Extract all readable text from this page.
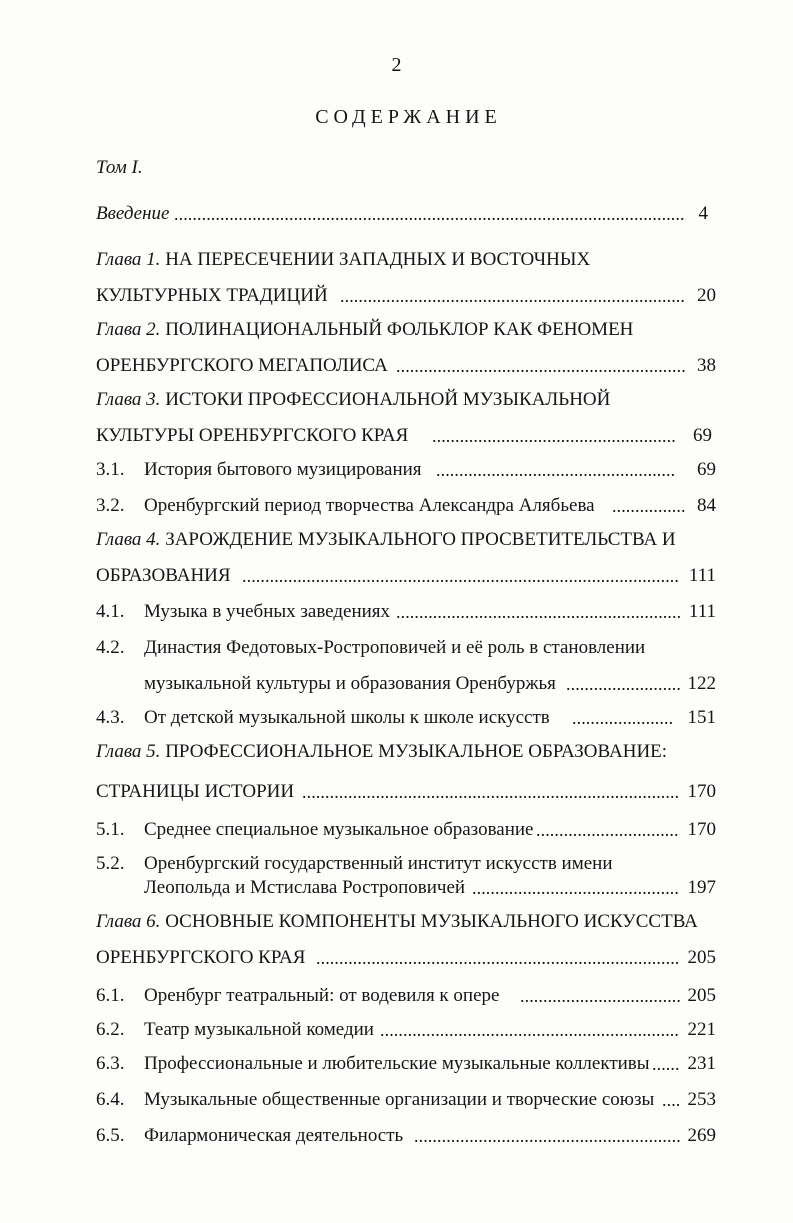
2
СОДЕРЖАНИЕ
Том I.
Введение . . .	4
Глава 1. НА ПЕРЕСЕЧЕНИИ ЗАПАДНЫХ И ВОСТОЧНЫХ
КУЛЬТУРНЫХ ТРАДИЦИЙ . . .	20
Глава 2. ПОЛИНАЦИОНАЛЬНЫЙ ФОЛЬКЛОР КАК ФЕНОМЕН
ОРЕНБУРГСКОГО МЕГАПОЛИСА . . .	38
Глава 3. ИСТОКИ ПРОФЕССИОНАЛЬНОЙ МУЗЫКАЛЬНОЙ
КУЛЬТУРЫ ОРЕНБУРГСКОГО КРАЯ . . .	69
3.1. История бытового музицирования . . .	69
3.2. Оренбургский период творчества Александра Алябьева . . .	84
Глава 4. ЗАРОЖДЕНИЕ МУЗЫКАЛЬНОГО ПРОСВЕТИТЕЛЬСТВА И
ОБРАЗОВАНИЯ . . .	111
4.1. Музыка в учебных заведениях . . .	111
4.2. Династия Федотовых-Ростроповичей и её роль в становлении
музыкальной культуры и образования Оренбуржья . . .	122
4.3. От детской музыкальной школы к школе искусств . . .	151
Глава 5. ПРОФЕССИОНАЛЬНОЕ МУЗЫКАЛЬНОЕ ОБРАЗОВАНИЕ:
СТРАНИЦЫ ИСТОРИИ . . .	170
5.1. Среднее специальное музыкальное образование . . .	170
5.2. Оренбургский государственный институт искусств имени
Леопольда и Мстислава Ростроповичей . . .	197
Глава 6. ОСНОВНЫЕ КОМПОНЕНТЫ МУЗЫКАЛЬНОГО ИСКУССТВА
ОРЕНБУРГСКОГО КРАЯ . . .	205
6.1. Оренбург театральный: от водевиля к опере . . .	205
6.2. Театр музыкальной комедии . . .	221
6.3. Профессиональные и любительские музыкальные коллективы . . . 231
6.4. Музыкальные общественные организации и творческие союзы . . . 253
6.5. Филармоническая деятельность . . .	269
